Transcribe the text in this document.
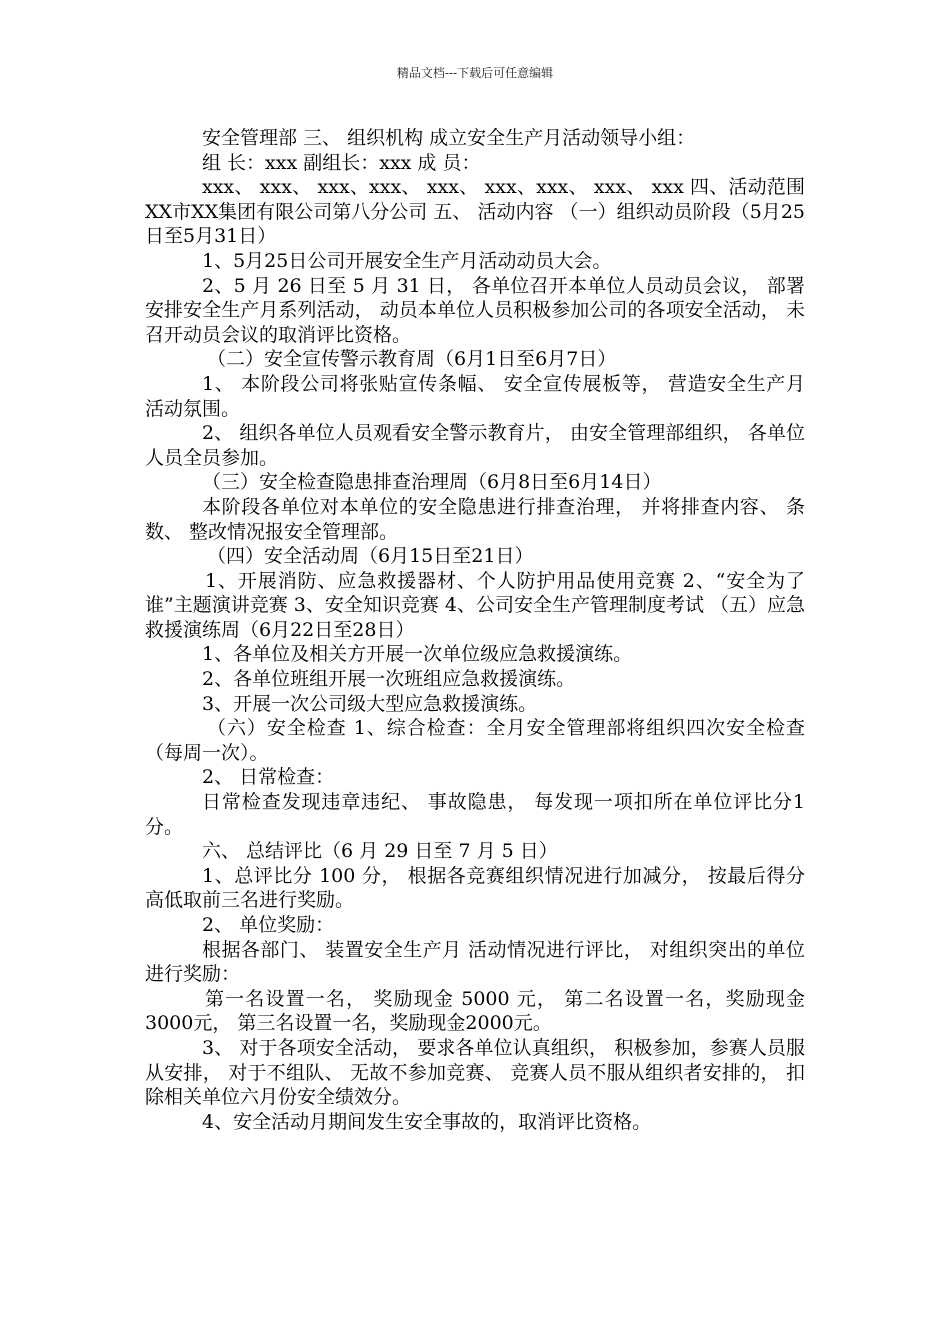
精品文档---下载后可任意编辑

安全管理部 三、 组织机构 成立安全生产月活动领导小组：

组 长：xxx 副组长：xxx 成 员：

xxx、 xxx、 xxx、xxx、 xxx、 xxx、xxx、 xxx、 xxx 四、活动范围 XX市XX集团有限公司第八分公司 五、 活动内容 （一）组织动员阶段（5月25日至5月31日）

1、5月25日公司开展安全生产月活动动员大会。

2、5 月 26 日至 5 月 31 日， 各单位召开本单位人员动员会议， 部署安排安全生产月系列活动， 动员本单位人员积极参加公司的各项安全活动， 未召开动员会议的取消评比资格。

（二）安全宣传警示教育周（6月1日至6月7日）

1、 本阶段公司将张贴宣传条幅、 安全宣传展板等， 营造安全生产月 活动氛围。

2、 组织各单位人员观看安全警示教育片， 由安全管理部组织， 各单位人员全员参加。

（三）安全检查隐患排查治理周（6月8日至6月14日）

本阶段各单位对本单位的安全隐患进行排查治理， 并将排查内容、 条数、 整改情况报安全管理部。

（四）安全活动周（6月15日至21日）

1、开展消防、应急救援器材、个人防护用品使用竞赛 2、“安全为了谁”主题演讲竞赛 3、安全知识竞赛 4、公司安全生产管理制度考试 （五）应急救援演练周（6月22日至28日）

1、各单位及相关方开展一次单位级应急救援演练。

2、各单位班组开展一次班组应急救援演练。

3、开展一次公司级大型应急救援演练。

（六）安全检查 1、综合检查：全月安全管理部将组织四次安全检查（每周一次）。

2、 日常检查：

日常检查发现违章违纪、 事故隐患， 每发现一项扣所在单位评比分1分。

六、 总结评比（6 月 29 日至 7 月 5 日）

1、总评比分 100 分， 根据各竞赛组织情况进行加减分， 按最后得分高低取前三名进行奖励。

2、 单位奖励：

根据各部门、 装置安全生产月 活动情况进行评比， 对组织突出的单位进行奖励：

第一名设置一名， 奖励现金 5000 元， 第二名设置一名，奖励现金3000元， 第三名设置一名，奖励现金2000元。

3、 对于各项安全活动， 要求各单位认真组织， 积极参加，参赛人员服从安排， 对于不组队、 无故不参加竞赛、 竞赛人员不服从组织者安排的， 扣除相关单位六月份安全绩效分。

4、安全活动月期间发生安全事故的，取消评比资格。
